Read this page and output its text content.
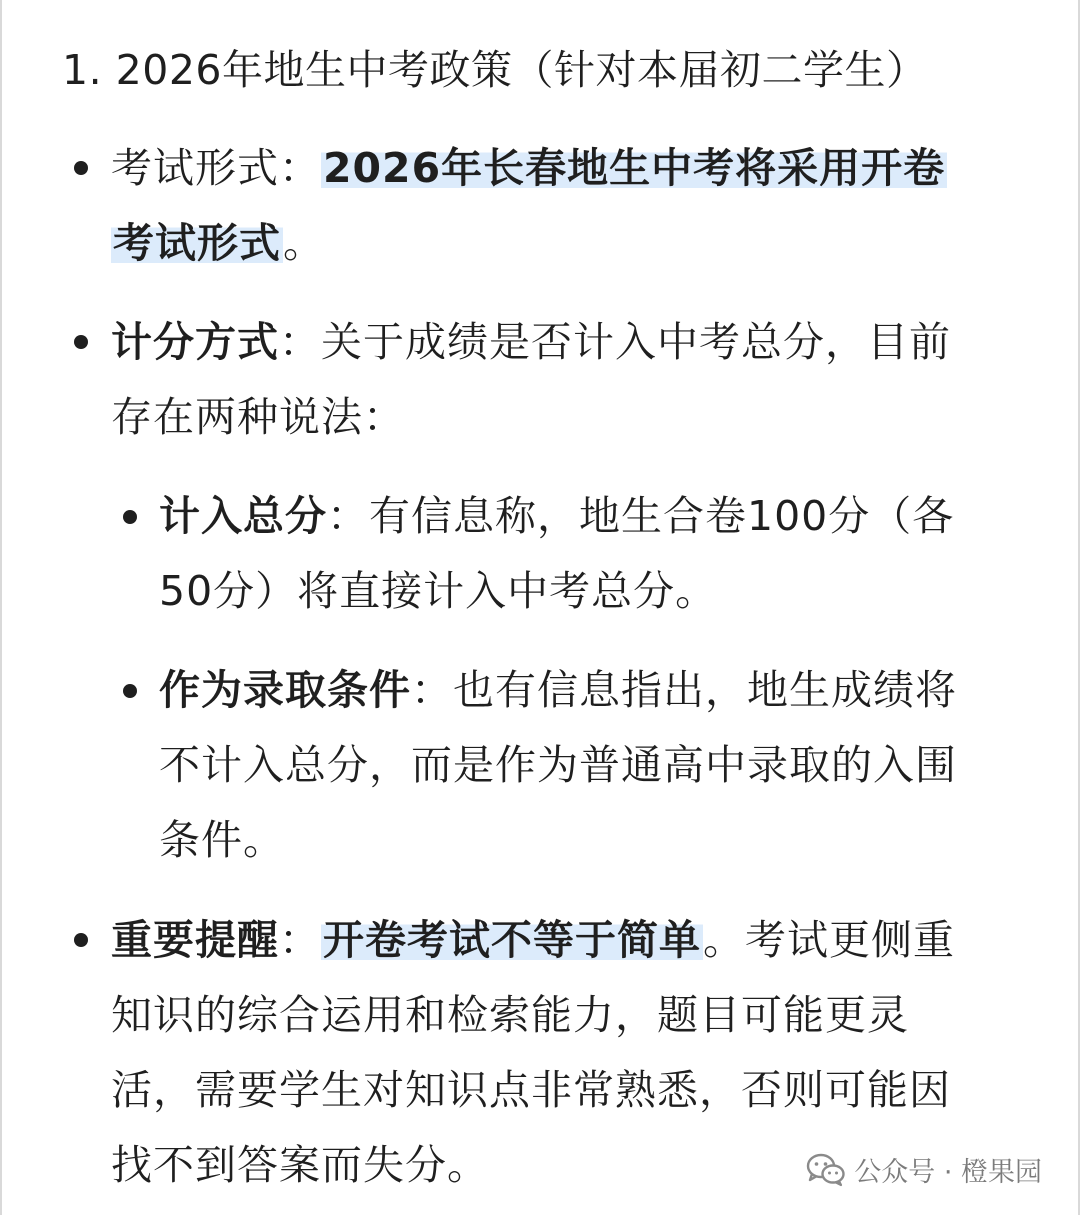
1. 2026年地生中考政策（针对本届初二学生）
考试形式：2026年长春地生中考将采用开卷
考试形式。
计分方式：关于成绩是否计入中考总分，目前
存在两种说法：
计入总分：有信息称，地生合卷100分（各
50分）将直接计入中考总分。
作为录取条件：也有信息指出，地生成绩将
不计入总分，而是作为普通高中录取的入围
条件。
重要提醒：开卷考试不等于简单。考试更侧重
知识的综合运用和检索能力，题目可能更灵
活，需要学生对知识点非常熟悉，否则可能因
找不到答案而失分。	公众号 · 橙果园
